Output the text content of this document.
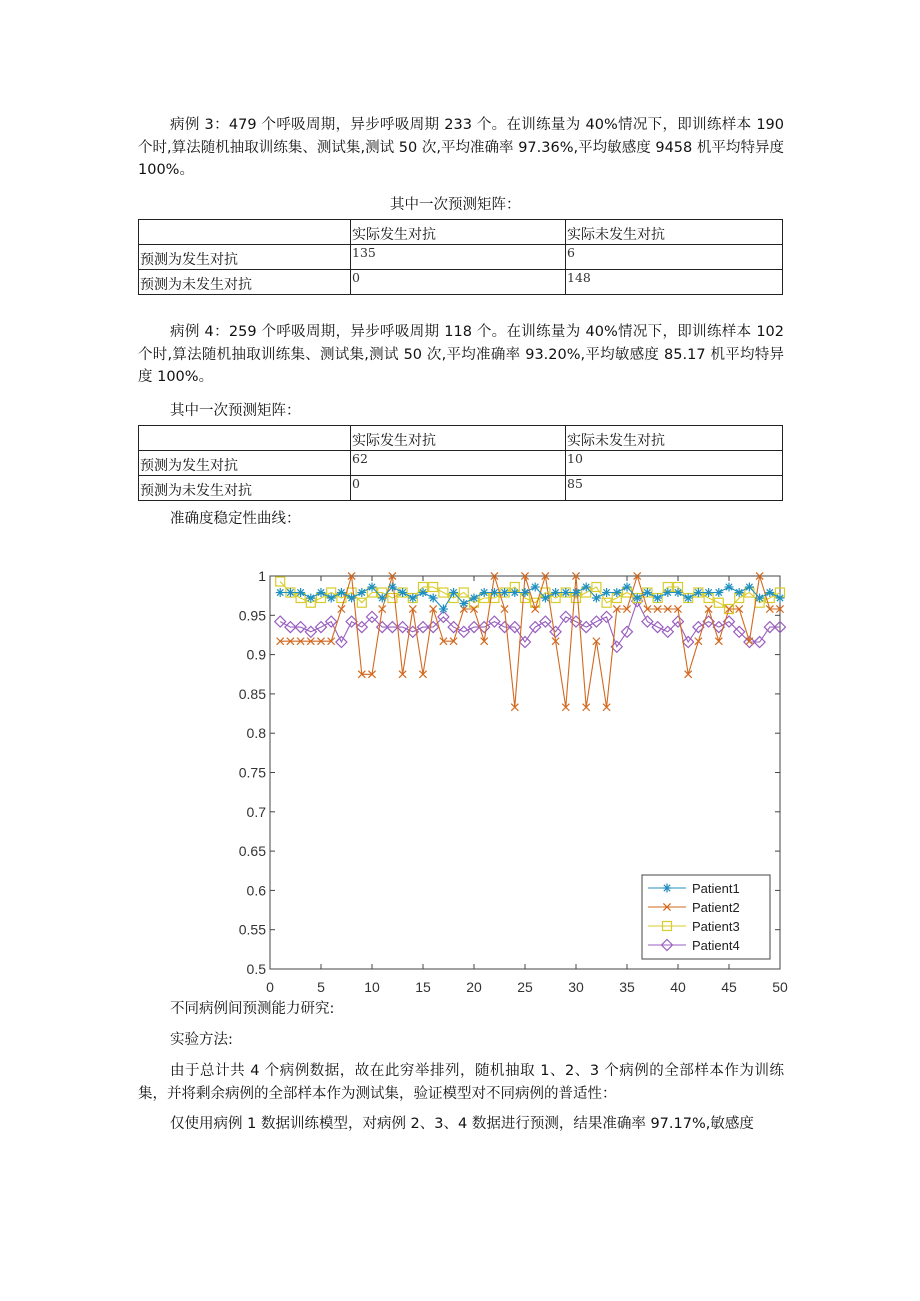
病例 3：479 个呼吸周期，异步呼吸周期 233 个。在训练量为 40%情况下，即训练样本 190 个时,算法随机抽取训练集、测试集,测试 50 次,平均准确率 97.36%,平均敏感度 9458 机平均特异度 100%。

其中一次预测矩阵：
	实际发生对抗	实际未发生对抗
预测为发生对抗	135	6
预测为未发生对抗	0	148

病例 4：259 个呼吸周期，异步呼吸周期 118 个。在训练量为 40%情况下，即训练样本 102 个时,算法随机抽取训练集、测试集,测试 50 次,平均准确率 93.20%,平均敏感度 85.17 机平均特异度 100%。

其中一次预测矩阵：
	实际发生对抗	实际未发生对抗
预测为发生对抗	62	10
预测为未发生对抗	0	85
准确度稳定性曲线：
0.5
0.55
0.6
0.65
0.7
0.75
0.8
0.85
0.9
0.95
1
0	5	10	15	20	25	30	35	40	45	50
Patient1
Patient2
Patient3
Patient4
不同病例间预测能力研究:
实验方法:

由于总计共 4 个病例数据，故在此穷举排列，随机抽取 1、2、3 个病例的全部样本作为训练集，并将剩余病例的全部样本作为测试集，验证模型对不同病例的普适性：

仅使用病例 1 数据训练模型，对病例 2、3、4 数据进行预测，结果准确率 97.17%,敏感度
